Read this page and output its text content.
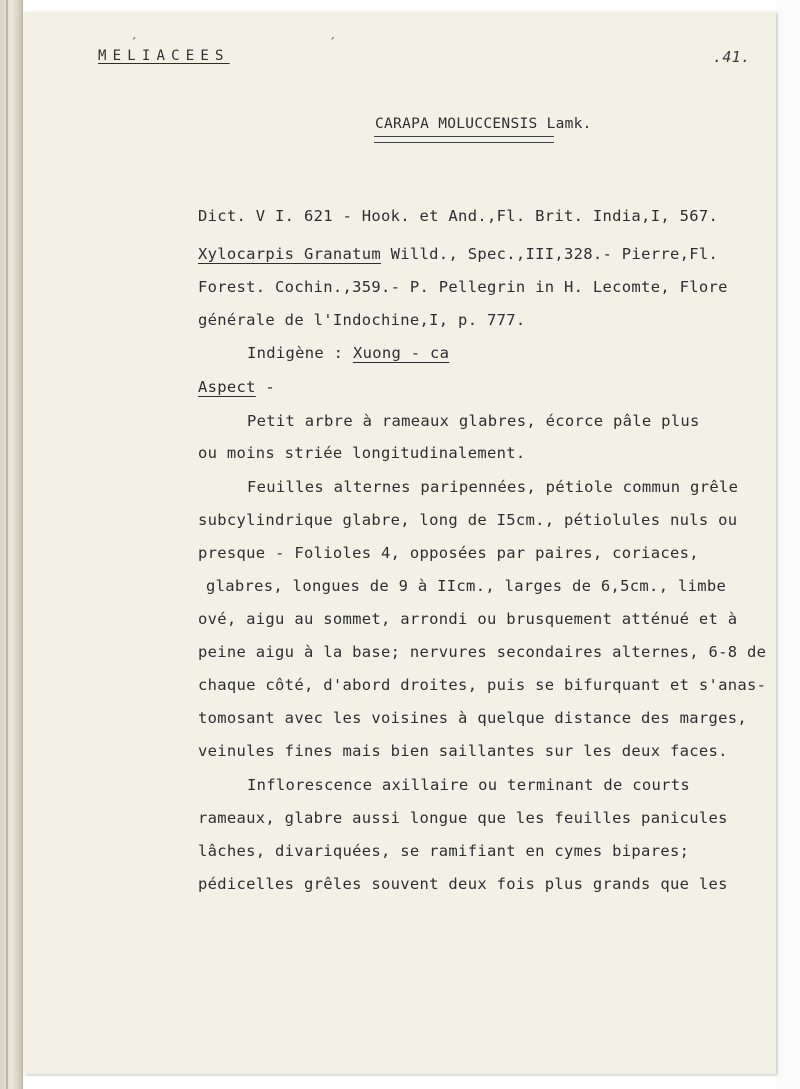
MELIACEES
´ ´
.41.
CARAPA MOLUCCENSIS Lamk.
Dict. V I. 621 - Hook. et And.,Fl. Brit. India,I, 567.
Xylocarpis Granatum Willd., Spec.,III,328.- Pierre,Fl.
Forest. Cochin.,359.- P. Pellegrin in H. Lecomte, Flore
générale de l'Indochine,I, p. 777.
Indigène : Xuong - ca
Aspect -
Petit arbre à rameaux glabres, écorce pâle plus
ou moins striée longitudinalement.
Feuilles alternes paripennées, pétiole commun grêle
subcylindrique glabre, long de I5cm., pétiolules nuls ou
presque - Folioles 4, opposées par paires, coriaces,
glabres, longues de 9 à IIcm., larges de 6,5cm., limbe
ové, aigu au sommet, arrondi ou brusquement atténué et à
peine aigu à la base; nervures secondaires alternes, 6-8 de
chaque côté, d'abord droites, puis se bifurquant et s'anas-
tomosant avec les voisines à quelque distance des marges,
veinules fines mais bien saillantes sur les deux faces.
Inflorescence axillaire ou terminant de courts
rameaux, glabre aussi longue que les feuilles panicules
lâches, divariquées, se ramifiant en cymes bipares;
pédicelles grêles souvent deux fois plus grands que les
